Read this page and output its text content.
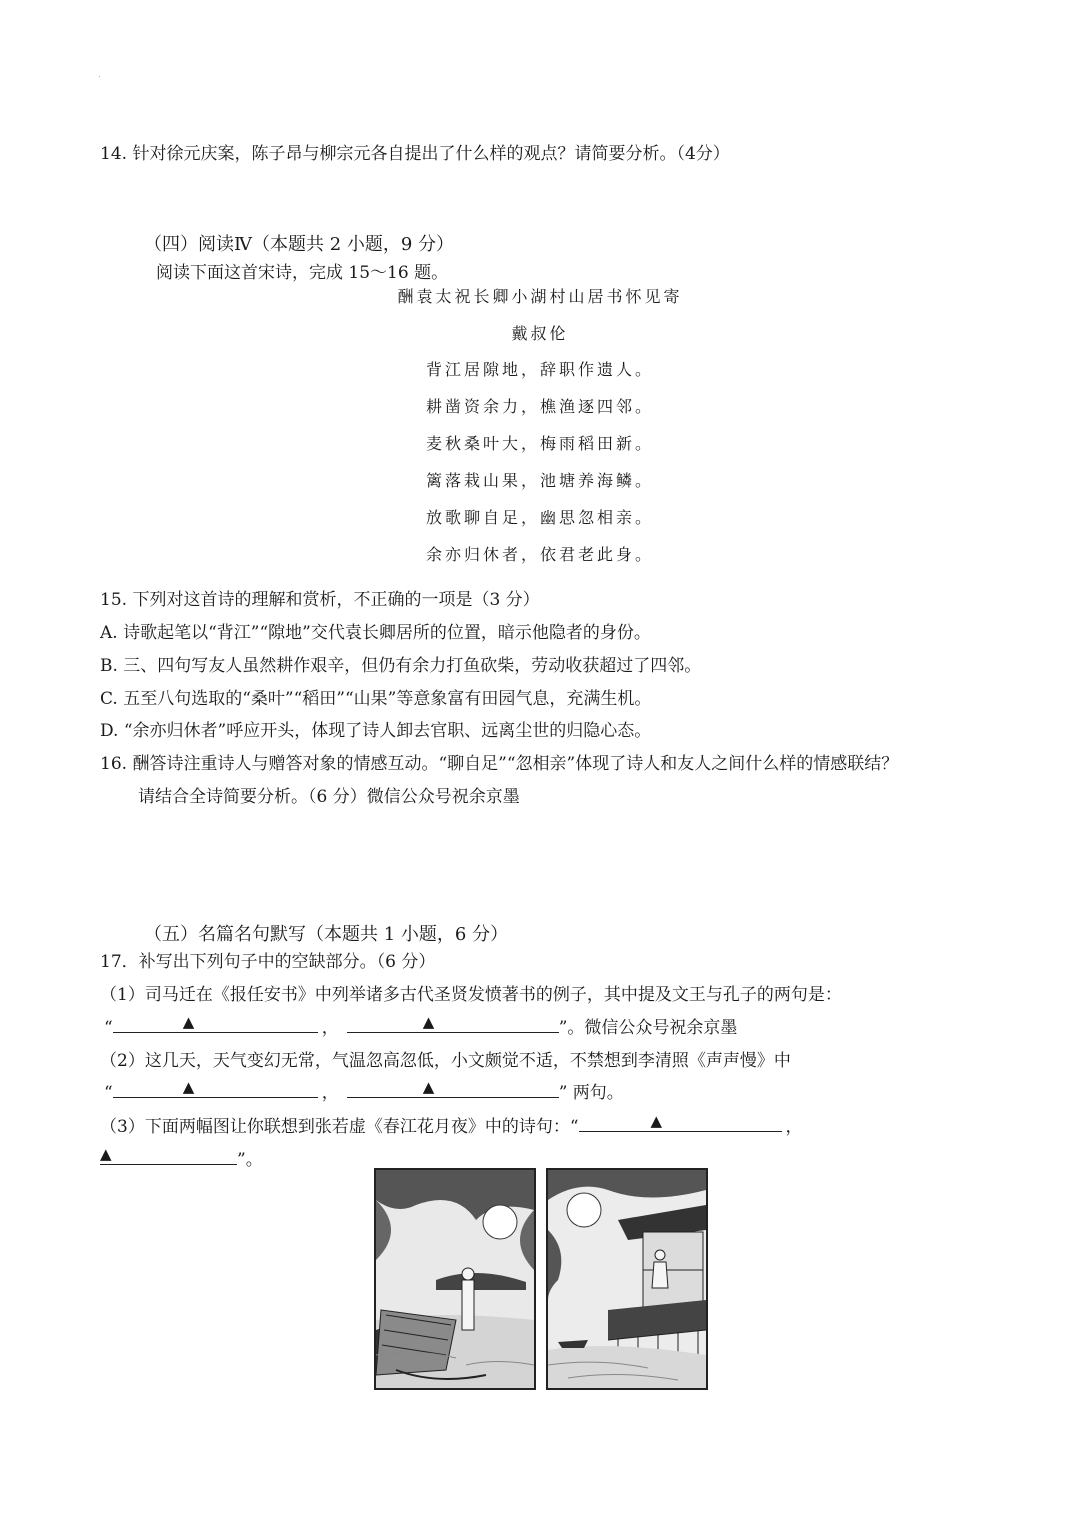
.
14. 针对徐元庆案，陈子昂与柳宗元各自提出了什么样的观点？请简要分析。（4分）
（四）阅读Ⅳ（本题共 2 小题，9 分）
阅读下面这首宋诗，完成 15～16 题。
酬袁太祝长卿小湖村山居书怀见寄
戴叔伦
背江居隙地，辞职作遗人。
耕凿资余力，樵渔逐四邻。
麦秋桑叶大，梅雨稻田新。
篱落栽山果，池塘养海鳞。
放歌聊自足，幽思忽相亲。
余亦归休者，依君老此身。
15. 下列对这首诗的理解和赏析，不正确的一项是（3 分）
A. 诗歌起笔以“背江”“隙地”交代袁长卿居所的位置，暗示他隐者的身份。
B. 三、四句写友人虽然耕作艰辛，但仍有余力打鱼砍柴，劳动收获超过了四邻。
C. 五至八句选取的“桑叶”“稻田”“山果”等意象富有田园气息，充满生机。
D. “余亦归休者”呼应开头，体现了诗人卸去官职、远离尘世的归隐心态。
16. 酬答诗注重诗人与赠答对象的情感互动。“聊自足”“忽相亲”体现了诗人和友人之间什么样的情感联结？
请结合全诗简要分析。（6 分）微信公众号祝余京墨
（五）名篇名句默写（本题共 1 小题，6 分）
17．补写出下列句子中的空缺部分。（6 分）
（1）司马迁在《报任安书》中列举诸多古代圣贤发愤著书的例子，其中提及文王与孔子的两句是：
“	▲	，	▲	”。微信公众号祝余京墨
（2）这几天，天气变幻无常，气温忽高忽低，小文颇觉不适，不禁想到李清照《声声慢》中
“	▲	，	▲	” 两句。
（3）下面两幅图让你联想到张若虚《春江花月夜》中的诗句：“	▲	，
▲	”。
